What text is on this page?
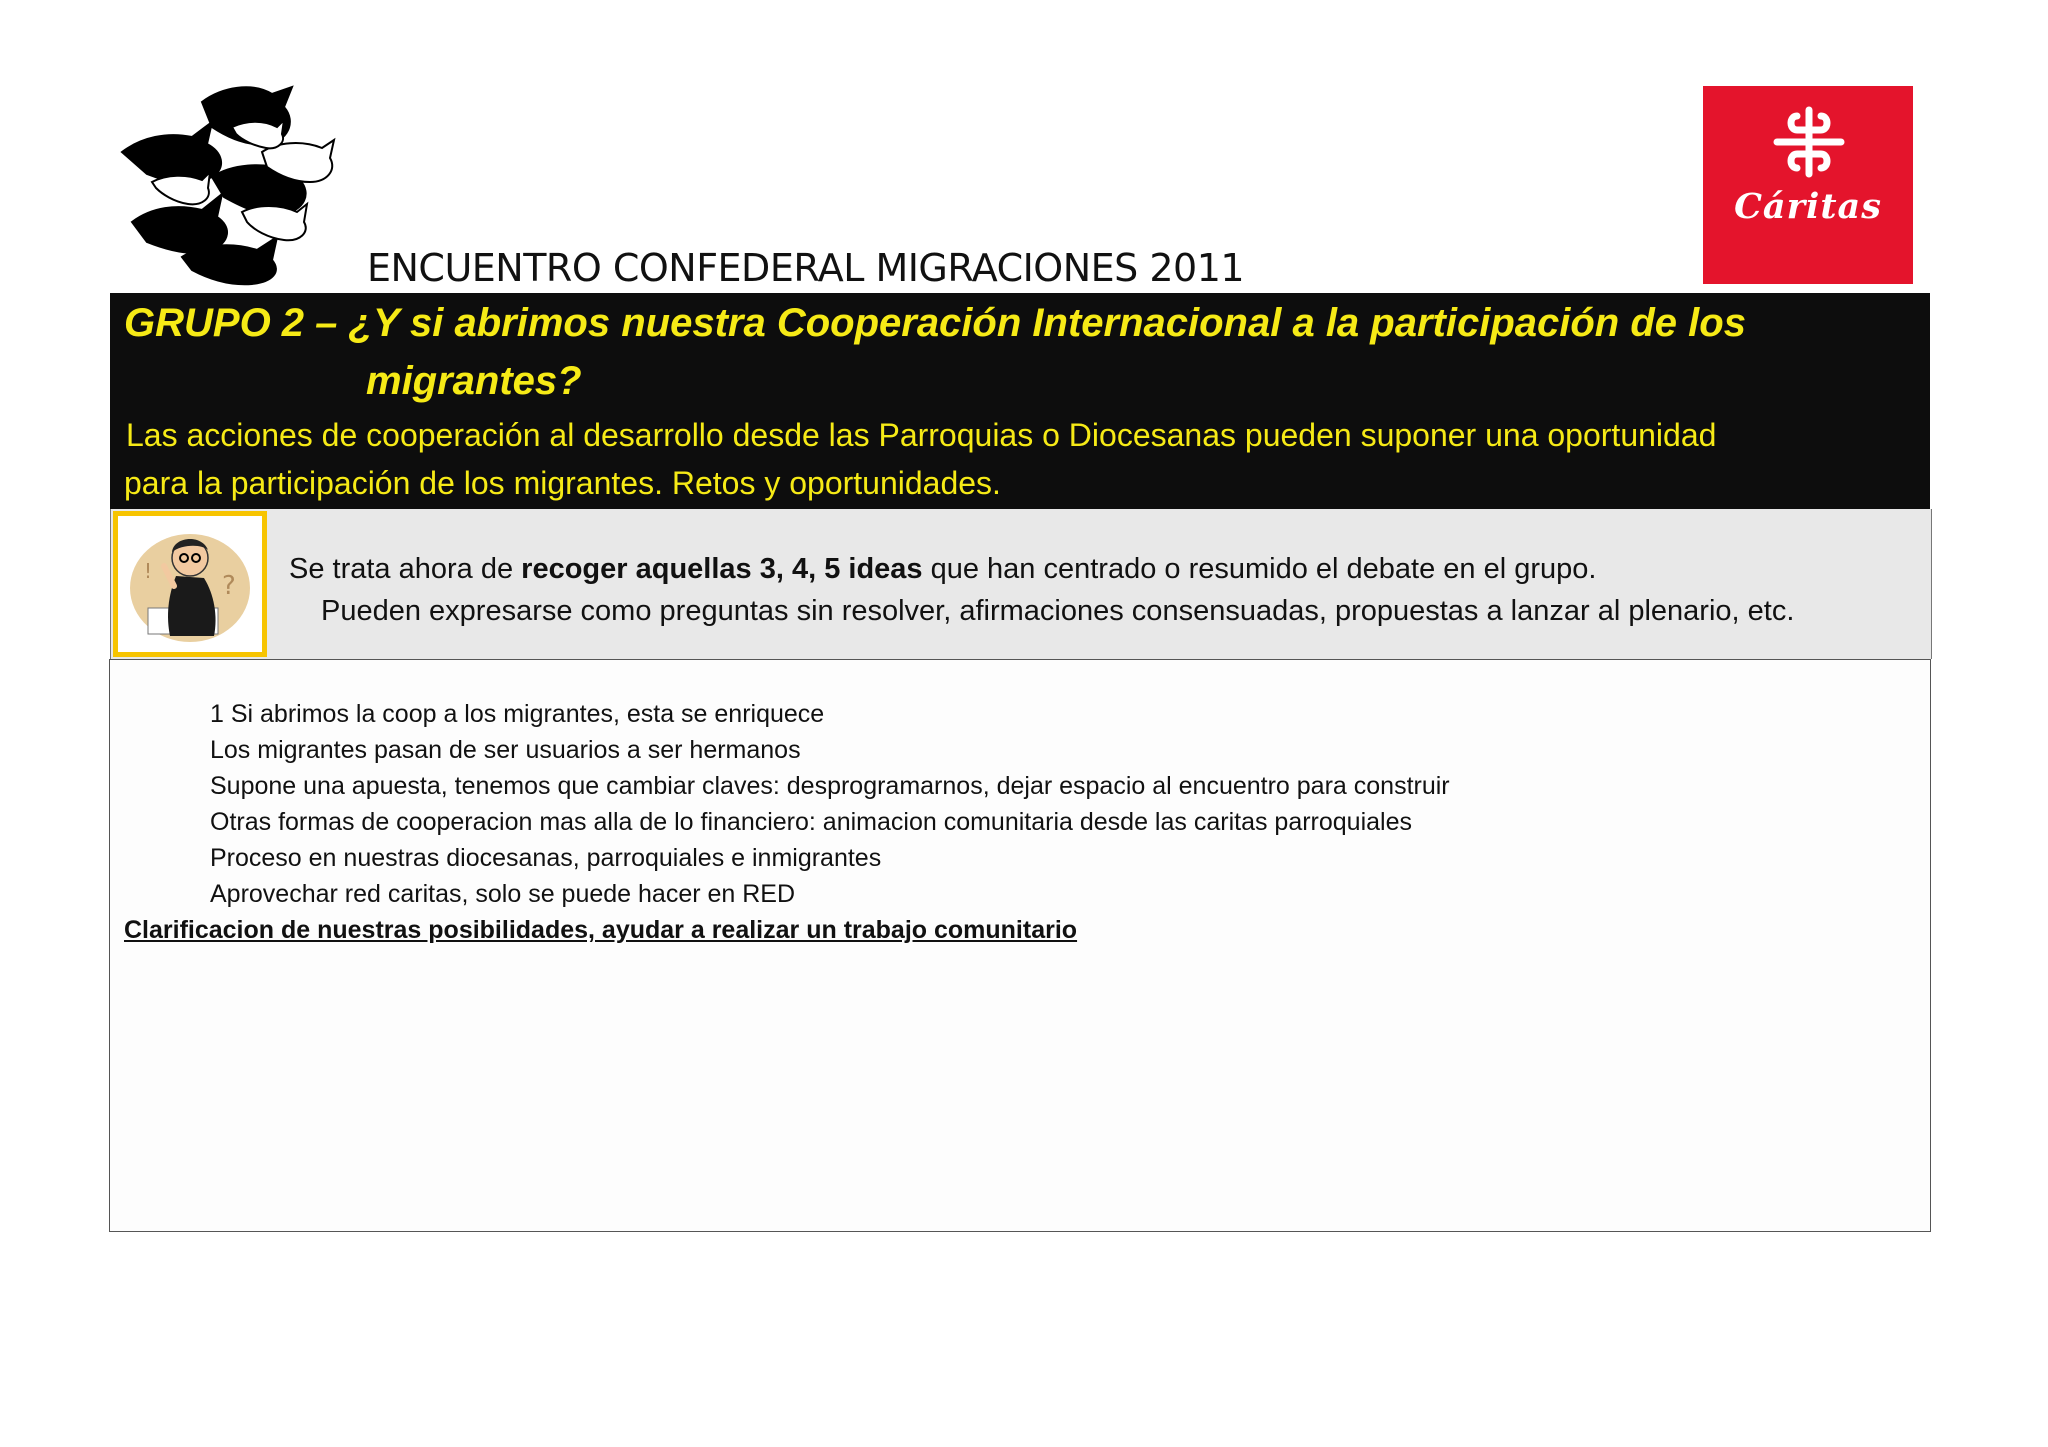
Cáritas
ENCUENTRO CONFEDERAL MIGRACIONES 2011
GRUPO 2 – ¿Y si abrimos nuestra Cooperación Internacional a la participación de los
migrantes?
Las acciones de cooperación al desarrollo desde las Parroquias o Diocesanas pueden suponer una oportunidad
para la participación de los migrantes. Retos y oportunidades.
?
!	Se trata ahora de recoger aquellas 3, 4, 5 ideas que han centrado o resumido el debate en el grupo.
Pueden expresarse como preguntas sin resolver, afirmaciones consensuadas, propuestas a lanzar al plenario, etc.
1 Si abrimos la coop a los migrantes, esta se enriquece
Los migrantes pasan de ser usuarios a ser hermanos
Supone una apuesta, tenemos que cambiar claves: desprogramarnos, dejar espacio al encuentro para construir
Otras formas de cooperacion mas alla de lo financiero: animacion comunitaria desde las caritas parroquiales
Proceso en nuestras diocesanas, parroquiales e inmigrantes
Aprovechar red caritas, solo se puede hacer en RED
Clarificacion de nuestras posibilidades, ayudar a realizar un trabajo comunitario
